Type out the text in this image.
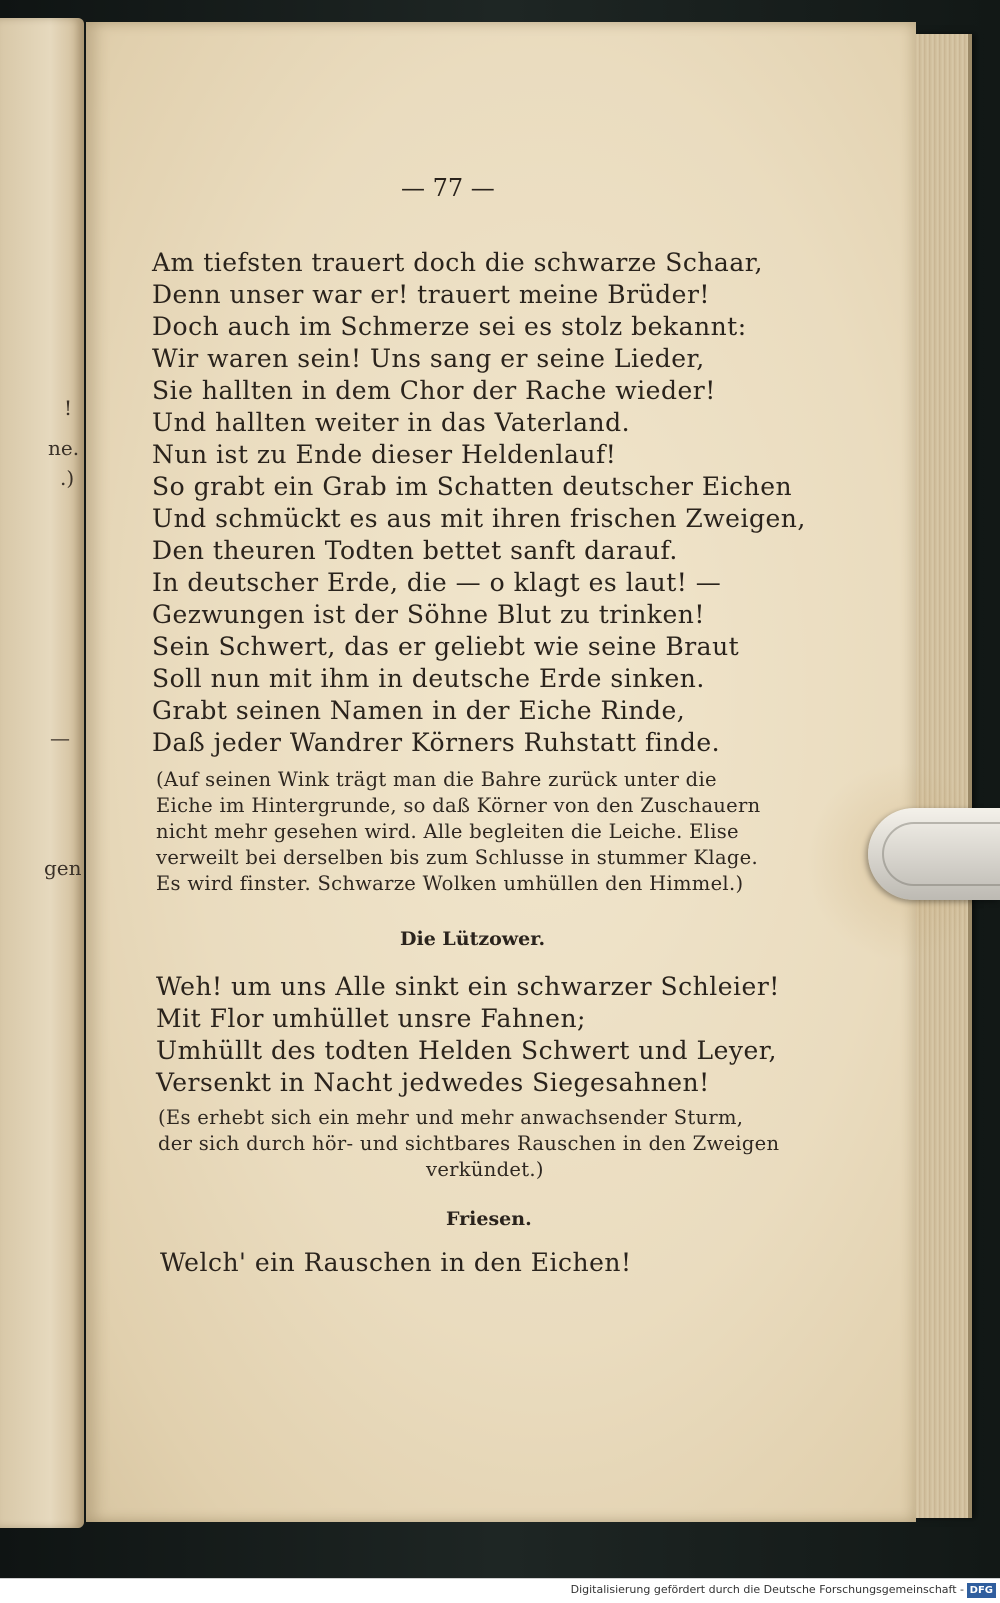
!
ne.
.)
—
gen
— 77 —
Am tiefsten trauert doch die schwarze Schaar,
Denn unser war er! trauert meine Brüder!
Doch auch im Schmerze sei es stolz bekannt:
Wir waren sein! Uns sang er seine Lieder,
Sie hallten in dem Chor der Rache wieder!
Und hallten weiter in das Vaterland.
Nun ist zu Ende dieser Heldenlauf!
So grabt ein Grab im Schatten deutscher Eichen
Und schmückt es aus mit ihren frischen Zweigen,
Den theuren Todten bettet sanft darauf.
In deutscher Erde, die — o klagt es laut! —
Gezwungen ist der Söhne Blut zu trinken!
Sein Schwert, das er geliebt wie seine Braut
Soll nun mit ihm in deutsche Erde sinken.
Grabt seinen Namen in der Eiche Rinde,
Daß jeder Wandrer Körners Ruhstatt finde.
(Auf seinen Wink trägt man die Bahre zurück unter die
Eiche im Hintergrunde, so daß Körner von den Zuschauern
nicht mehr gesehen wird. Alle begleiten die Leiche. Elise
verweilt bei derselben bis zum Schlusse in stummer Klage.
Es wird finster. Schwarze Wolken umhüllen den Himmel.)
Die Lützower.
Weh! um uns Alle sinkt ein schwarzer Schleier!
Mit Flor umhüllet unsre Fahnen;
Umhüllt des todten Helden Schwert und Leyer,
Versenkt in Nacht jedwedes Siegesahnen!
(Es erhebt sich ein mehr und mehr anwachsender Sturm,
der sich durch hör- und sichtbares Rauschen in den Zweigen
verkündet.)
Friesen.
Welch' ein Rauschen in den Eichen!
Digitalisierung gefördert durch die Deutsche Forschungsgemeinschaft - DFG
